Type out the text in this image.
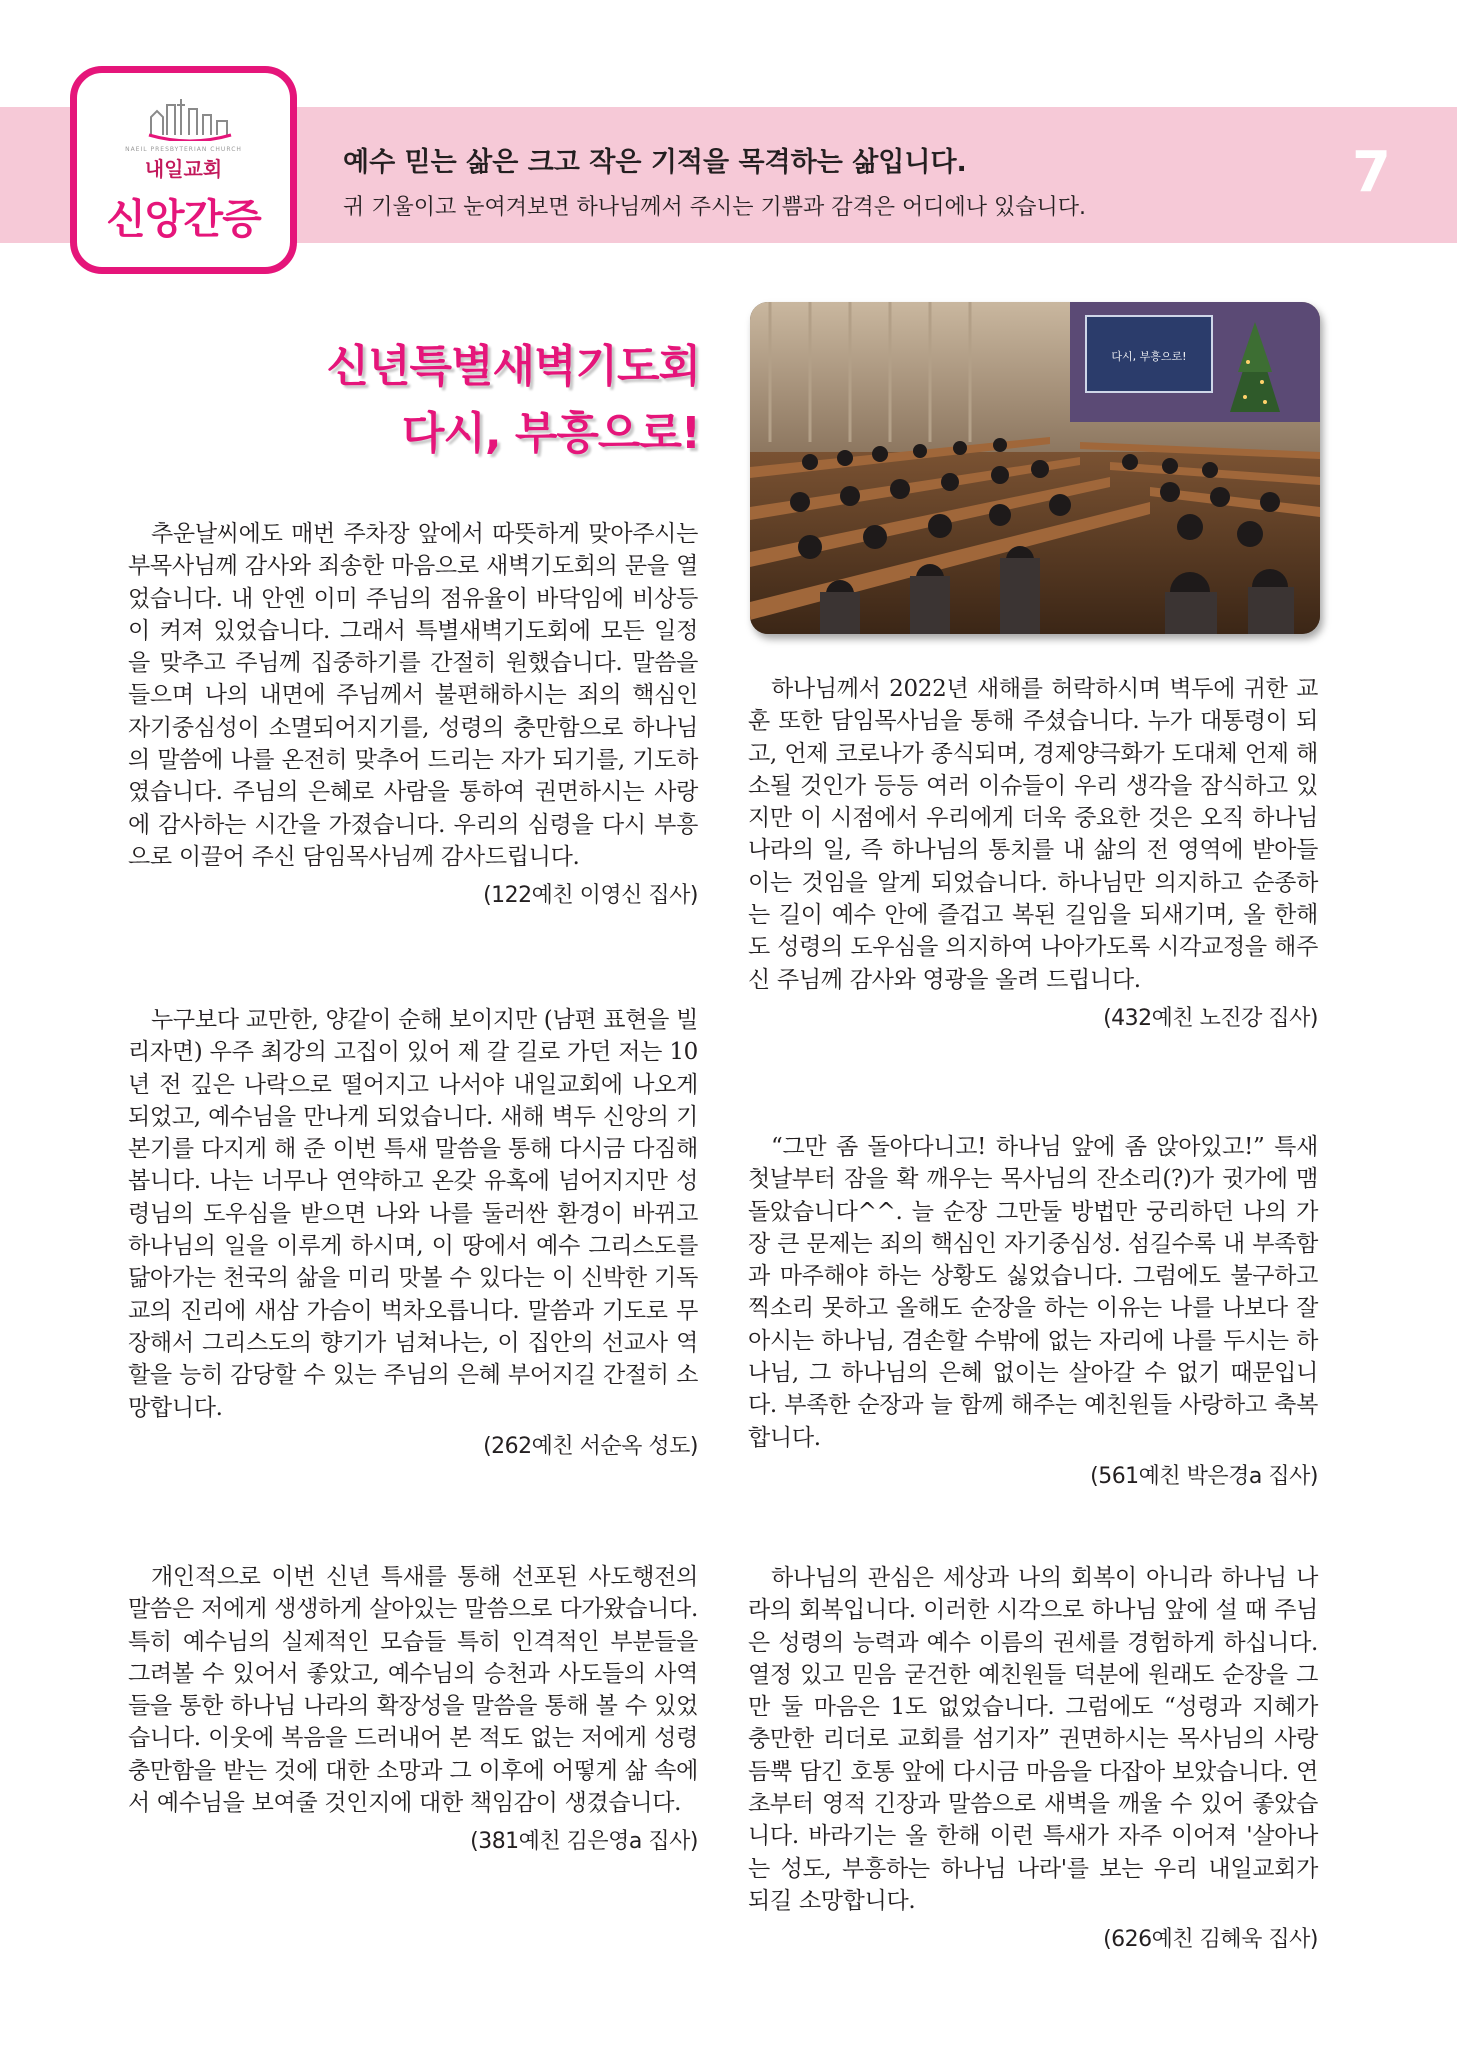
NAEIL PRESBYTERIAN CHURCH
내일교회
신앙간증
예수 믿는 삶은 크고 작은 기적을 목격하는 삶입니다.
귀 기울이고 눈여겨보면 하나님께서 주시는 기쁨과 감격은 어디에나 있습니다.
7
신년특별새벽기도회
다시, 부흥으로!
다시, 부흥으로!

추운날씨에도 매번 주차장 앞에서 따뜻하게 맞아주시는 부목사님께 감사와 죄송한 마음으로 새벽기도회의 문을 열었습니다. 내 안엔 이미 주님의 점유율이 바닥임에 비상등이 켜져 있었습니다. 그래서 특별새벽기도회에 모든 일정을 맞추고 주님께 집중하기를 간절히 원했습니다. 말씀을 들으며 나의 내면에 주님께서 불편해하시는 죄의 핵심인 자기중심성이 소멸되어지기를, 성령의 충만함으로 하나님의 말씀에 나를 온전히 맞추어 드리는 자가 되기를, 기도하였습니다. 주님의 은혜로 사람을 통하여 권면하시는 사랑에 감사하는 시간을 가졌습니다. 우리의 심령을 다시 부흥으로 이끌어 주신 담임목사님께 감사드립니다.

(122예친 이영신 집사)

누구보다 교만한, 양같이 순해 보이지만 (남편 표현을 빌리자면) 우주 최강의 고집이 있어 제 갈 길로 가던 저는 10년 전 깊은 나락으로 떨어지고 나서야 내일교회에 나오게 되었고, 예수님을 만나게 되었습니다. 새해 벽두 신앙의 기본기를 다지게 해 준 이번 특새 말씀을 통해 다시금 다짐해 봅니다. 나는 너무나 연약하고 온갖 유혹에 넘어지지만 성령님의 도우심을 받으면 나와 나를 둘러싼 환경이 바뀌고 하나님의 일을 이루게 하시며, 이 땅에서 예수 그리스도를 닮아가는 천국의 삶을 미리 맛볼 수 있다는 이 신박한 기독교의 진리에 새삼 가슴이 벅차오릅니다. 말씀과 기도로 무장해서 그리스도의 향기가 넘쳐나는, 이 집안의 선교사 역할을 능히 감당할 수 있는 주님의 은혜 부어지길 간절히 소망합니다.

(262예친 서순옥 성도)

개인적으로 이번 신년 특새를 통해 선포된 사도행전의 말씀은 저에게 생생하게 살아있는 말씀으로 다가왔습니다. 특히 예수님의 실제적인 모습들 특히 인격적인 부분들을 그려볼 수 있어서 좋았고, 예수님의 승천과 사도들의 사역들을 통한 하나님 나라의 확장성을 말씀을 통해 볼 수 있었습니다. 이웃에 복음을 드러내어 본 적도 없는 저에게 성령 충만함을 받는 것에 대한 소망과 그 이후에 어떻게 삶 속에서 예수님을 보여줄 것인지에 대한 책임감이 생겼습니다.

(381예친 김은영a 집사)

하나님께서 2022년 새해를 허락하시며 벽두에 귀한 교훈 또한 담임목사님을 통해 주셨습니다. 누가 대통령이 되고, 언제 코로나가 종식되며, 경제양극화가 도대체 언제 해소될 것인가 등등 여러 이슈들이 우리 생각을 잠식하고 있지만 이 시점에서 우리에게 더욱 중요한 것은 오직 하나님 나라의 일, 즉 하나님의 통치를 내 삶의 전 영역에 받아들이는 것임을 알게 되었습니다. 하나님만 의지하고 순종하는 길이 예수 안에 즐겁고 복된 길임을 되새기며, 올 한해도 성령의 도우심을 의지하여 나아가도록 시각교정을 해주신 주님께 감사와 영광을 올려 드립니다.

(432예친 노진강 집사)

“그만 좀 돌아다니고! 하나님 앞에 좀 앉아있고!” 특새 첫날부터 잠을 확 깨우는 목사님의 잔소리(?)가 귓가에 맴돌았습니다^^. 늘 순장 그만둘 방법만 궁리하던 나의 가장 큰 문제는 죄의 핵심인 자기중심성. 섬길수록 내 부족함과 마주해야 하는 상황도 싫었습니다. 그럼에도 불구하고 찍소리 못하고 올해도 순장을 하는 이유는 나를 나보다 잘 아시는 하나님, 겸손할 수밖에 없는 자리에 나를 두시는 하나님, 그 하나님의 은혜 없이는 살아갈 수 없기 때문입니다. 부족한 순장과 늘 함께 해주는 예친원들 사랑하고 축복합니다.

(561예친 박은경a 집사)

하나님의 관심은 세상과 나의 회복이 아니라 하나님 나라의 회복입니다. 이러한 시각으로 하나님 앞에 설 때 주님은 성령의 능력과 예수 이름의 권세를 경험하게 하십니다. 열정 있고 믿음 굳건한 예친원들 덕분에 원래도 순장을 그만 둘 마음은 1도 없었습니다. 그럼에도 “성령과 지혜가 충만한 리더로 교회를 섬기자” 권면하시는 목사님의 사랑 듬뿍 담긴 호통 앞에 다시금 마음을 다잡아 보았습니다. 연초부터 영적 긴장과 말씀으로 새벽을 깨울 수 있어 좋았습니다. 바라기는 올 한해 이런 특새가 자주 이어져 '살아나는 성도, 부흥하는 하나님 나라'를 보는 우리 내일교회가 되길 소망합니다.

(626예친 김혜욱 집사)
